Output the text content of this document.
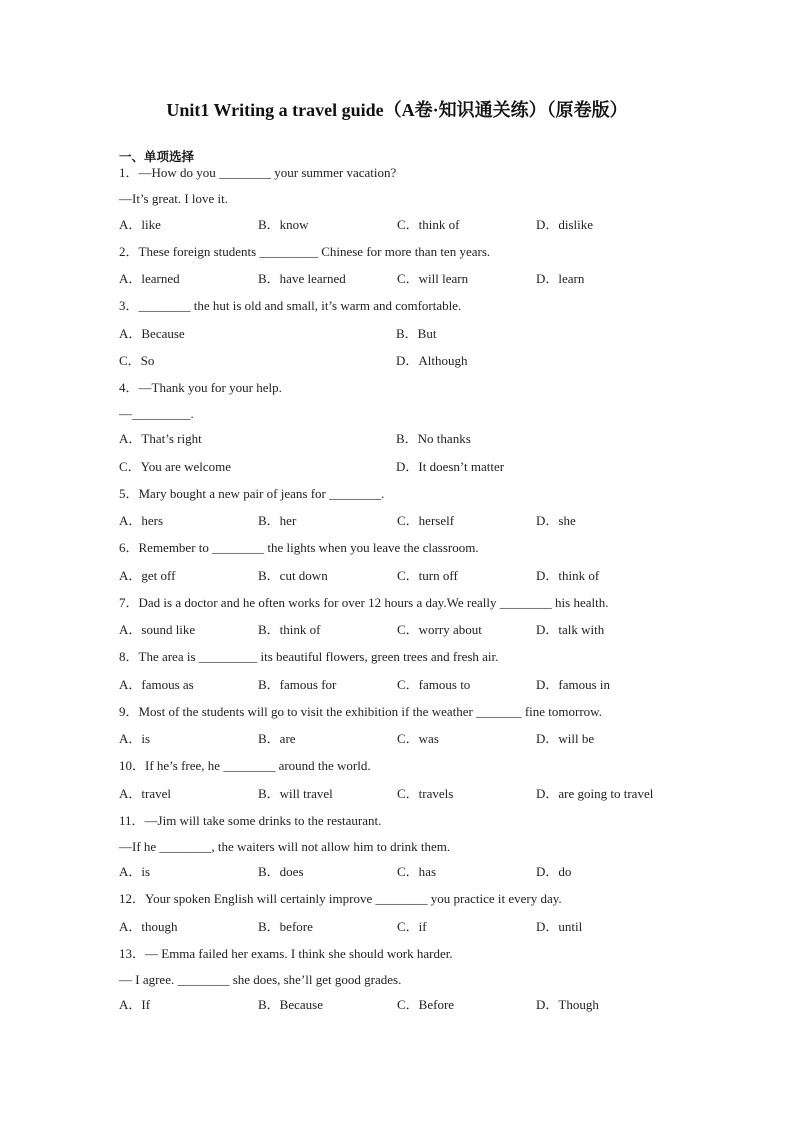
Unit1 Writing a travel guide（A卷·知识通关练）（原卷版）
一、单项选择
1．—How do you ________ your summer vacation?
—It’s great. I love it.
A．like	B．know	C．think of	D．dislike
2．These foreign students _________ Chinese for more than ten years.
A．learned	B．have learned	C．will learn	D．learn
3．________ the hut is old and small, it’s warm and comfortable.
A．Because	B．But
C．So	D．Although
4．—Thank you for your help.
—_________.
A．That’s right	B．No thanks
C．You are welcome	D．It doesn’t matter
5．Mary bought a new pair of jeans for ________.
A．hers	B．her	C．herself	D．she
6．Remember to ________ the lights when you leave the classroom.
A．get off	B．cut down	C．turn off	D．think of
7．Dad is a doctor and he often works for over 12 hours a day.We really ________ his health.
A．sound like	B．think of	C．worry about	D．talk with
8．The area is _________ its beautiful flowers, green trees and fresh air.
A．famous as	B．famous for	C．famous to	D．famous in
9．Most of the students will go to visit the exhibition if the weather _______ fine tomorrow.
A．is	B．are	C．was	D．will be
10．If he’s free, he ________ around the world.
A．travel	B．will travel	C．travels	D．are going to travel
11．—Jim will take some drinks to the restaurant.
—If he ________, the waiters will not allow him to drink them.
A．is	B．does	C．has	D．do
12．Your spoken English will certainly improve ________ you practice it every day.
A．though	B．before	C．if	D．until
13．— Emma failed her exams. I think she should work harder.
— I agree. ________ she does, she’ll get good grades.
A．If	B．Because	C．Before	D．Though
